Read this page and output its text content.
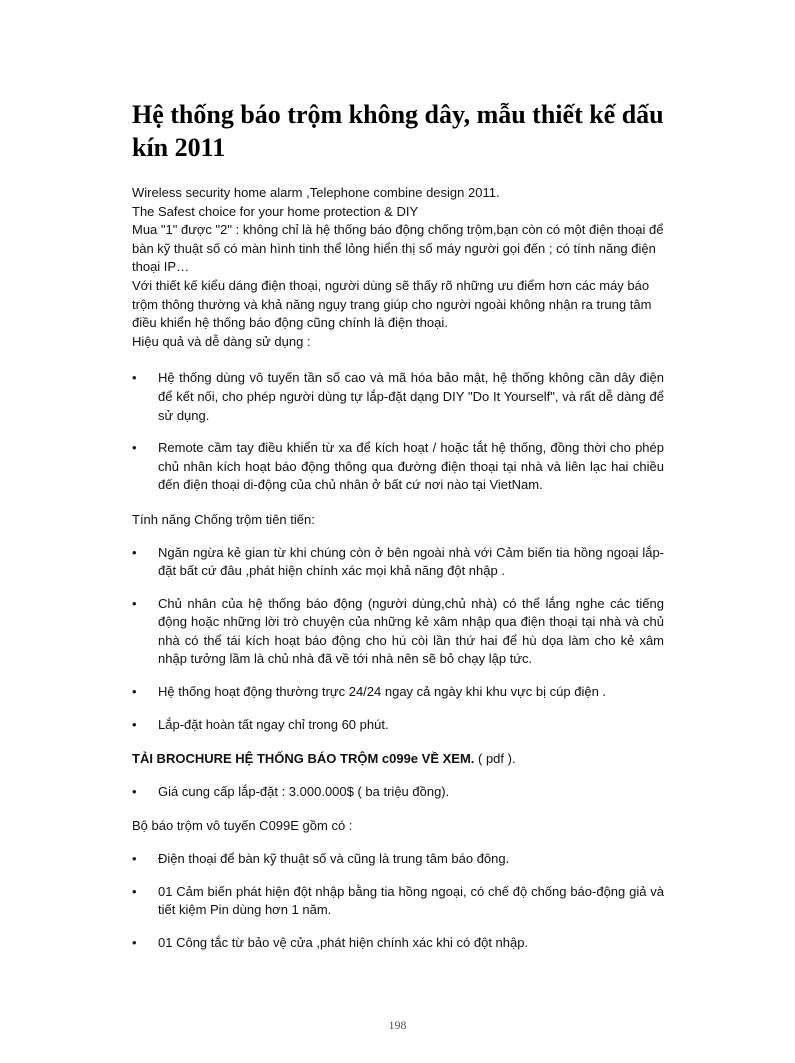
Hệ thống báo trộm không dây, mẫu thiết kế dấu kín 2011

Wireless security home alarm ,Telephone combine design 2011.

The Safest choice for your home protection & DIY

Mua "1" được "2" : không chỉ là hệ thống báo động chống trộm,bạn còn có một điện thoại để bàn kỹ thuật số có màn hình tinh thể lỏng hiển thị số máy người gọi đến ; có tính năng điện thoại IP…

Với thiết kế kiểu dáng điện thoại, người dùng sẽ thấy rõ những ưu điểm hơn các máy báo trộm thông thường và khả năng ngụy trang giúp cho người ngoài không nhận ra trung tâm điều khiển hệ thống báo động cũng chính là điện thoại.

Hiệu quả và dễ dàng sử dụng :

• Hệ thống dùng vô tuyến tần số cao và mã hóa bảo mật, hệ thống không cần dây điện để kết nối, cho phép người dùng tự lắp-đặt dạng DIY "Do It Yourself", và rất dễ dàng để sử dụng.
• Remote cầm tay điều khiển từ xa để kích hoạt / hoặc tắt hệ thống, đồng thời cho phép chủ nhân kích hoạt báo động thông qua đường điện thoại tại nhà và liên lạc hai chiều đến điện thoại di-động của chủ nhân ở bất cứ nơi nào tại VietNam.

Tính năng Chống trộm tiên tiến:

• Ngăn ngừa kẻ gian từ khi chúng còn ở bên ngoài nhà với Cảm biến tia hồng ngoại lắp-đặt bất cứ đâu ,phát hiện chính xác mọi khả năng đột nhập .
• Chủ nhân của hệ thống báo động (người dùng,chủ nhà) có thể lắng nghe các tiếng động hoặc những lời trò chuyện của những kẻ xâm nhập qua điện thoại tại nhà và chủ nhà có thể tái kích hoạt báo động cho hú còi lần thứ hai để hù dọa làm cho kẻ xâm nhập tưởng lầm là chủ nhà đã về tới nhà nên sẽ bỏ chạy lập tức.
• Hệ thống hoạt động thường trực 24/24 ngay cả ngày khi khu vực bị cúp điện .
• Lắp-đặt hoàn tất ngay chỉ trong 60 phút.

TẢI BROCHURE HỆ THỐNG BÁO TRỘM c099e VỀ XEM. ( pdf ).

• Giá cung cấp lắp-đặt : 3.000.000$ ( ba triệu đồng).

Bộ báo trộm vô tuyến C099E gồm có :

• Điện thoại để bàn kỹ thuật số và cũng là trung tâm báo đông.
• 01 Cảm biến phát hiện đột nhập bằng tia hồng ngoại, có chế độ chống báo-động giả và tiết kiệm Pin dùng hơn 1 năm.
• 01 Công tắc từ bảo vệ cửa ,phát hiện chính xác khi có đột nhập.
198
